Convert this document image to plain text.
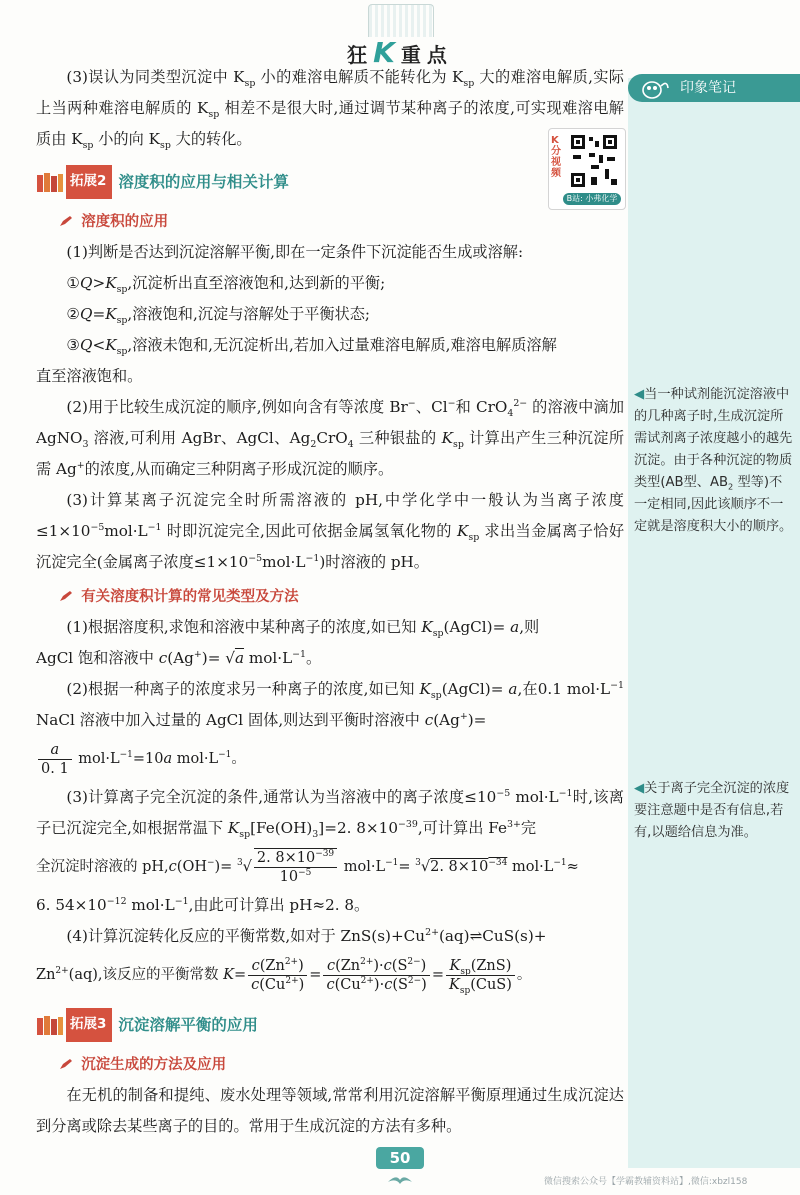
狂K重点
印象笔记
K分视频
B站: 小弗化学

(3)误认为同类型沉淀中 $K_{sp}$ 小的难溶电解质不能转化为 $K_{sp}$ 大的难溶电解质,实际上当两种难溶电解质的 $K_{sp}$ 相差不是很大时,通过调节某种离子的浓度,可实现难溶电解质由 $K_{sp}$ 小的向 $K_{sp}$ 大的转化。

拓展2 溶度积的应用与相关计算
溶度积的应用

(1)判断是否达到沉淀溶解平衡,即在一定条件下沉淀能否生成或溶解:

$①Q>K_{sp}$,沉淀析出直至溶液饱和,达到新的平衡;

$②Q=K_{sp}$,溶液饱和,沉淀与溶解处于平衡状态;

$③Q<K_{sp}$,溶液未饱和,无沉淀析出,若加入过量难溶电解质,难溶电解质溶解

直至溶液饱和。

(2)用于比较生成沉淀的顺序,例如向含有等浓度 Br−、Cl−和 CrO$_4^{2-}$ 的溶液中滴加 AgNO$_3$ 溶液,可利用 AgBr、AgCl、$Ag_2CrO_4$ 三种银盐的 $K_{sp}$ 计算出产生三种沉淀所需 Ag+的浓度,从而确定三种阴离子形成沉淀的顺序。

(3)计算某离子沉淀完全时所需溶液的 pH,中学化学中一般认为当离子浓度$\le 1\times 10^{-5}mol\cdot L^{-1}$ 时即沉淀完全,因此可依据金属氢氧化物的 $K_{sp}$ 求出当金属离子恰好沉淀完全(金属离子浓度$\le 1\times 10^{-5}mol\cdot L^{-1}$)时溶液的 pH。

有关溶度积计算的常见类型及方法

(1)根据溶度积,求饱和溶液中某种离子的浓度,如已知 $K_{sp}(AgCl)= a$,则

AgCl 饱和溶液中 c(Ag+)= √a $mol\cdot L^{-1}$。

(2)根据一种离子的浓度求另一种离子的浓度,如已知 $K_{sp}(AgCl)= a$,在0.1 $mol\cdot L^{-1}$ NaCl 溶液中加入过量的 AgCl 固体,则达到平衡时溶液中 c(Ag+)=

$\frac{a}{0. 1} mol\cdot L^{-1}=10a$ $mol\cdot L^{-1}$。

(3)计算离子完全沉淀的条件,通常认为当溶液中的离子浓度$\le 10^{-5}$ $mol\cdot L^{-1}$时,该离子已沉淀完全,如根据常温下 $K_{sp}[Fe(OH)_3]=2$. $8\times 10^{-39}$,可计算出 $Fe^{3+}$完

全沉淀时溶液的 $pH,c(OH^-)= ^3√ \frac{2. 8\times 10^{-39}}{10^{-5}} mol\cdot L^{-1}= ^3√2$. $8\times 10^{-34}$ $mol\cdot L^{-1}\approx$

6. $54\times 10^{-12}$ $mol\cdot L^{-1}$,由此可计算出 pH≈2. 8。

(4)计算沉淀转化反应的平衡常数,如对于 $ZnS(s)+Cu^{2+}(aq)\rightleftharpoons CuS(s)+$

$Zn^{2+}(aq)$,该反应的平衡常数 $K= \frac{c(Zn^{2+})}{c(Cu^{2+})} = \frac{c(Zn^{2+})\cdot c(S^{2-})}{c(Cu^{2+})\cdot c(S^{2-})} = \frac{K_{sp}(ZnS)}{K_{sp}(CuS)}$ 。

拓展3 沉淀溶解平衡的应用
沉淀生成的方法及应用

在无机的制备和提纯、废水处理等领域,常常利用沉淀溶解平衡原理通过生成沉淀达到分离或除去某些离子的目的。常用于生成沉淀的方法有多种。

◀当一种试剂能沉淀溶液中的几种离子时,生成沉淀所需试剂离子浓度越小的越先沉淀。由于各种沉淀的物质类型(AB型、$AB_2$ 型等)不一定相同,因此该顺序不一定就是溶度积大小的顺序。
◀关于离子完全沉淀的浓度要注意题中是否有信息,若有,以题给信息为准。
50
微信搜索公众号【学霸教辅资料站】,微信:xbzl158
